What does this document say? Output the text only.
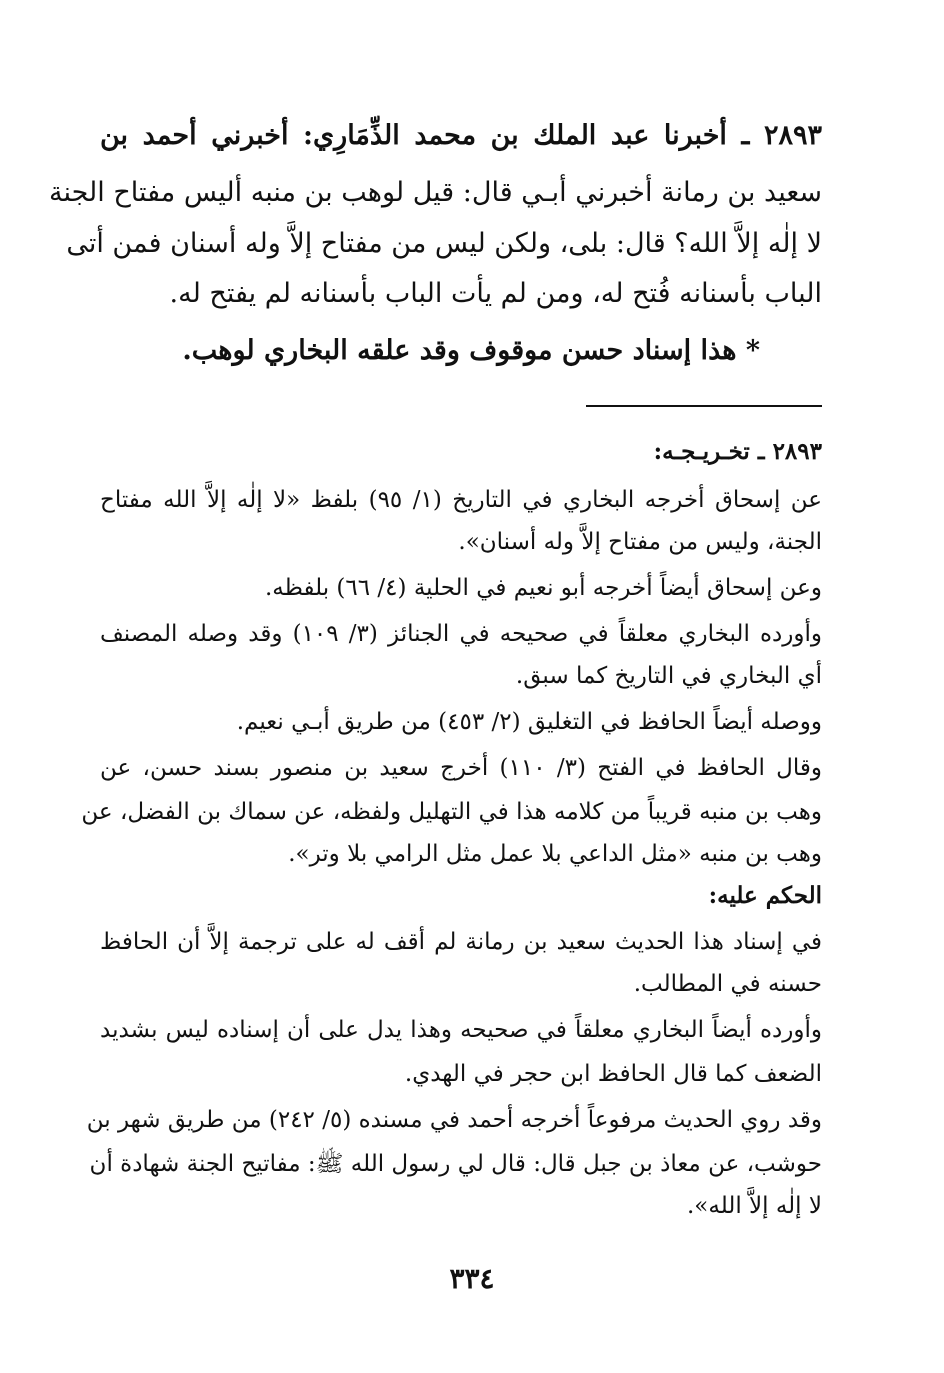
٢٨٩٣ ـ أخبرنا عبد الملك بن محمد الذِّمَارِي: أخبرني أحمد بن
سعيد بن رمانة أخبرني أبـي قال: قيل لوهب بن منبه أليس مفتاح الجنة
لا إلٰه إلاَّ الله؟ قال: بلى، ولكن ليس من مفتاح إلاَّ وله أسنان فمن أتى
الباب بأسنانه فُتح له، ومن لم يأت الباب بأسنانه لم يفتح له.
* هذا إسناد حسن موقوف وقد علقه البخاري لوهب.
٢٨٩٣ ـ تخـريـجـه:
عن إسحاق أخرجه البخاري في التاريخ (١/ ٩٥) بلفظ «لا إلٰه إلاَّ الله مفتاح
الجنة، وليس من مفتاح إلاَّ وله أسنان».
وعن إسحاق أيضاً أخرجه أبو نعيم في الحلية (٤/ ٦٦) بلفظه.
وأورده البخاري معلقاً في صحيحه في الجنائز (٣/ ١٠٩) وقد وصله المصنف
أي البخاري في التاريخ كما سبق.
ووصله أيضاً الحافظ في التغليق (٢/ ٤٥٣) من طريق أبـي نعيم.
وقال الحافظ في الفتح (٣/ ١١٠) أخرج سعيد بن منصور بسند حسن، عن
وهب بن منبه قريباً من كلامه هذا في التهليل ولفظه، عن سماك بن الفضل، عن
وهب بن منبه «مثل الداعي بلا عمل مثل الرامي بلا وتر».
الحكم عليه:
في إسناد هذا الحديث سعيد بن رمانة لم أقف له على ترجمة إلاَّ أن الحافظ
حسنه في المطالب.
وأورده أيضاً البخاري معلقاً في صحيحه وهذا يدل على أن إسناده ليس بشديد
الضعف كما قال الحافظ ابن حجر في الهدي.
وقد روي الحديث مرفوعاً أخرجه أحمد في مسنده (٥/ ٢٤٢) من طريق شهر بن
حوشب، عن معاذ بن جبل قال: قال لي رسول الله ﷺ: مفاتيح الجنة شهادة أن
لا إلٰه إلاَّ الله».
٣٣٤
